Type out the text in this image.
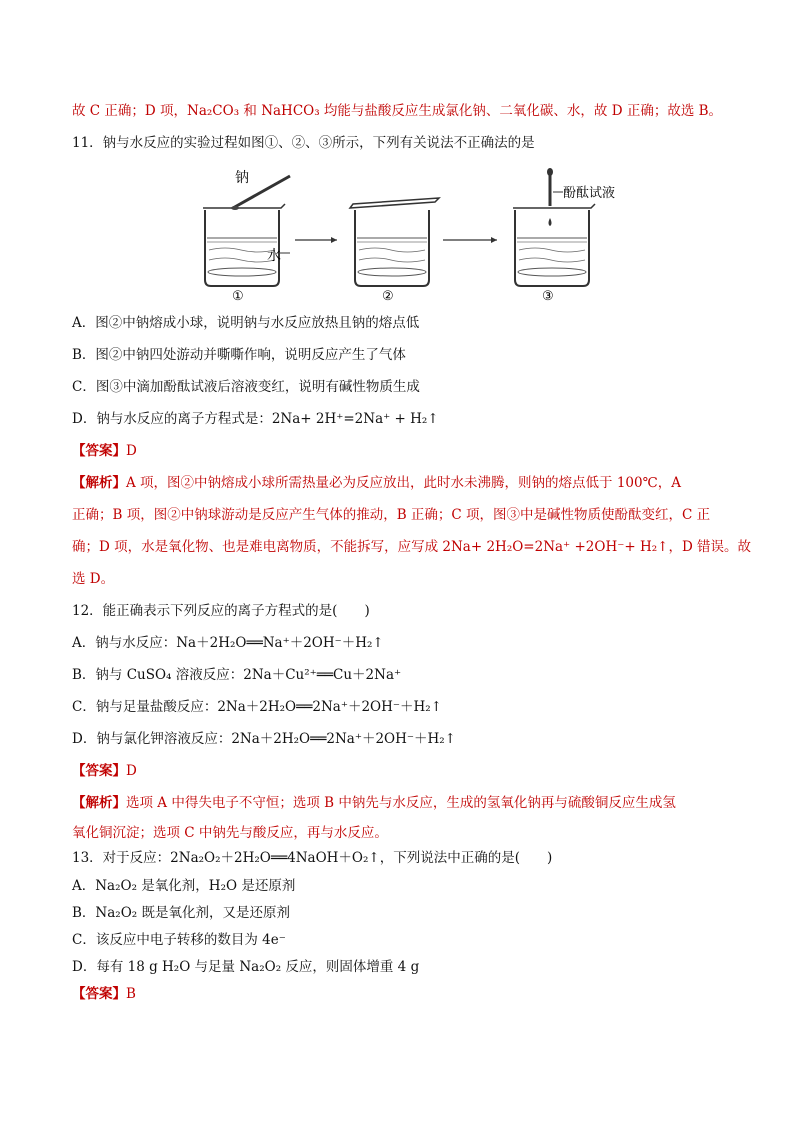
故 C 正确；D 项，Na₂CO₃ 和 NaHCO₃ 均能与盐酸反应生成氯化钠、二氧化碳、水，故 D 正确；故选 B。
11．钠与水反应的实验过程如图①、②、③所示，下列有关说法不正确法的是
钠
水
①	②
酚酞试液
③
A．图②中钠熔成小球，说明钠与水反应放热且钠的熔点低
B．图②中钠四处游动并嘶嘶作响，说明反应产生了气体
C．图③中滴加酚酞试液后溶液变红，说明有碱性物质生成
D．钠与水反应的离子方程式是：2Na+ 2H⁺=2Na⁺ + H₂↑
【答案】D
【解析】A 项，图②中钠熔成小球所需热量必为反应放出，此时水未沸腾，则钠的熔点低于 100℃，A
正确；B 项，图②中钠球游动是反应产生气体的推动，B 正确；C 项，图③中是碱性物质使酚酞变红，C 正
确；D 项，水是氧化物、也是难电离物质，不能拆写，应写成 2Na+ 2H₂O=2Na⁺ +2OH⁻+ H₂↑，D 错误。故
选 D。
12．能正确表示下列反应的离子方程式的是(　　)
A．钠与水反应：Na＋2H₂O══Na⁺＋2OH⁻＋H₂↑
B．钠与 CuSO₄ 溶液反应：2Na＋Cu²⁺══Cu＋2Na⁺
C．钠与足量盐酸反应：2Na＋2H₂O══2Na⁺＋2OH⁻＋H₂↑
D．钠与氯化钾溶液反应：2Na＋2H₂O══2Na⁺＋2OH⁻＋H₂↑
【答案】D
【解析】选项 A 中得失电子不守恒；选项 B 中钠先与水反应，生成的氢氧化钠再与硫酸铜反应生成氢
氧化铜沉淀；选项 C 中钠先与酸反应，再与水反应。
13．对于反应：2Na₂O₂＋2H₂O══4NaOH＋O₂↑，下列说法中正确的是(　　)
A．Na₂O₂ 是氧化剂，H₂O 是还原剂
B．Na₂O₂ 既是氧化剂，又是还原剂
C．该反应中电子转移的数目为 4e⁻
D．每有 18 g H₂O 与足量 Na₂O₂ 反应，则固体增重 4 g
【答案】B
